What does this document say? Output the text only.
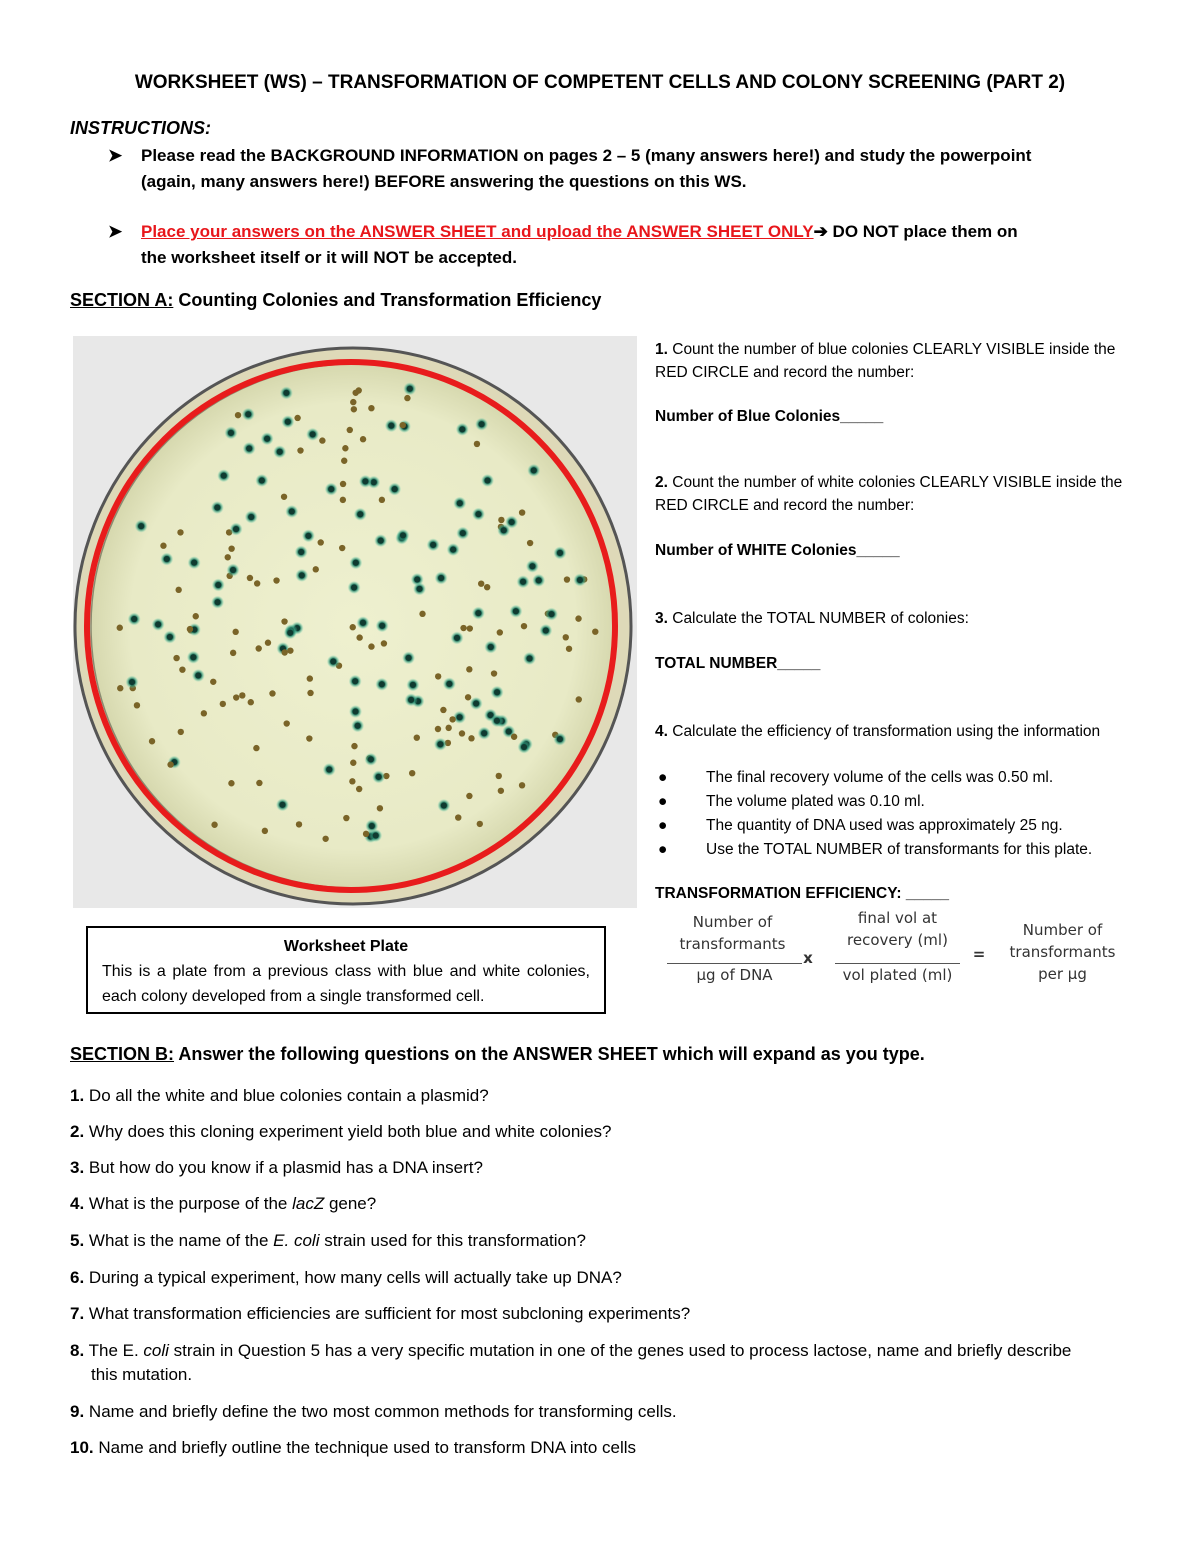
WORKSHEET (WS) – TRANSFORMATION OF COMPETENT CELLS AND COLONY SCREENING (PART 2)
INSTRUCTIONS:
➤ Please read the BACKGROUND INFORMATION on pages 2 – 5 (many answers here!) and study the powerpoint
(again, many answers here!) BEFORE answering the questions on this WS.
➤ Place your answers on the ANSWER SHEET and upload the ANSWER SHEET ONLY➔ DO NOT place them on
the worksheet itself or it will NOT be accepted.
SECTION A: Counting Colonies and Transformation Efficiency
Worksheet Plate
This is a plate from a previous class with blue and white colonies, each colony developed from a single transformed cell.
1. Count the number of blue colonies CLEARLY VISIBLE inside the RED CIRCLE and record the number:
Number of Blue Colonies_____
2. Count the number of white colonies CLEARLY VISIBLE inside the RED CIRCLE and record the number:
Number of WHITE Colonies_____
3. Calculate the TOTAL NUMBER of colonies:
TOTAL NUMBER_____
4. Calculate the efficiency of transformation using the information
● The final recovery volume of the cells was 0.50 ml.
● The volume plated was 0.10 ml.
● The quantity of DNA used was approximately 25 ng.
● Use the TOTAL NUMBER of transformants for this plate.
TRANSFORMATION EFFICIENCY: _____
Number of transformants
µg of DNA
x
final vol at recovery (ml)
vol plated (ml)
=
Number of transformants per µg
SECTION B: Answer the following questions on the ANSWER SHEET which will expand as you type.
1. Do all the white and blue colonies contain a plasmid?
2. Why does this cloning experiment yield both blue and white colonies?
3. But how do you know if a plasmid has a DNA insert?
4. What is the purpose of the lacZ gene?
5. What is the name of the E. coli strain used for this transformation?
6. During a typical experiment, how many cells will actually take up DNA?
7. What transformation efficiencies are sufficient for most subcloning experiments?
8. The E. coli strain in Question 5 has a very specific mutation in one of the genes used to process lactose, name and briefly describe
this mutation.
9. Name and briefly define the two most common methods for transforming cells.
10. Name and briefly outline the technique used to transform DNA into cells
